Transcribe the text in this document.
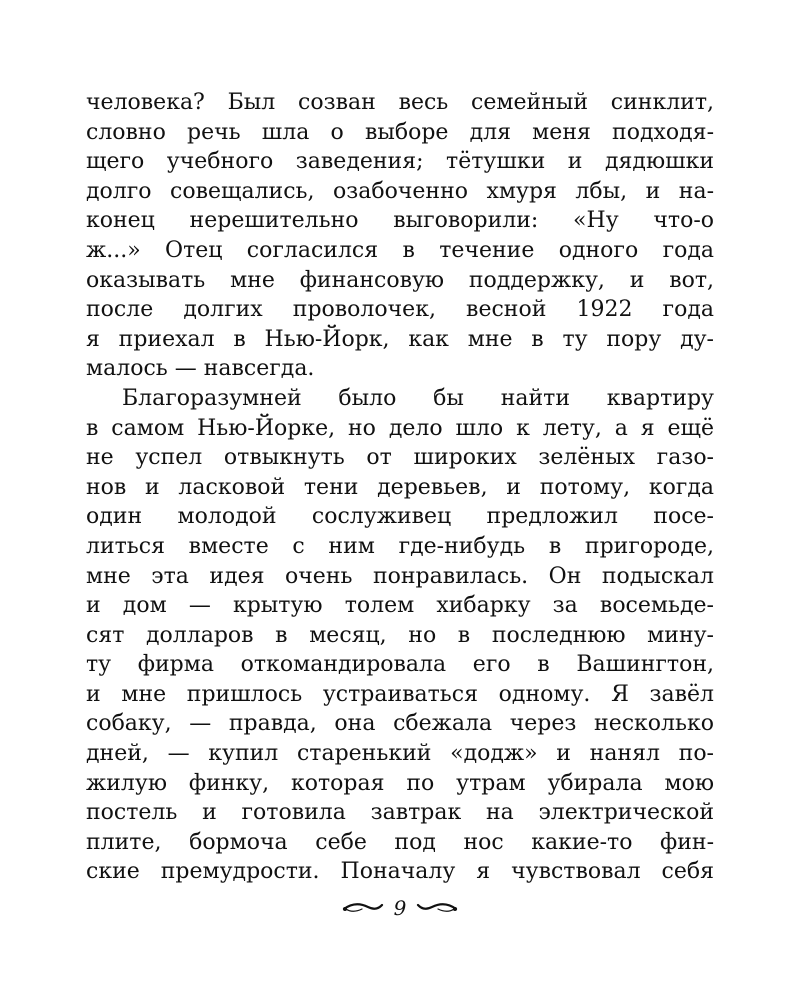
человека? Был созван весь семейный синклит,
словно речь шла о выборе для меня подходя-
щего учебного заведения; тётушки и дядюшки
долго совещались, озабоченно хмуря лбы, и на-
конец нерешительно выговорили: «Ну что-о
ж...» Отец согласился в течение одного года
оказывать мне финансовую поддержку, и вот,
после долгих проволочек, весной 1922 года
я приехал в Нью-Йорк, как мне в ту пору ду-
малось — навсегда.
Благоразумней было бы найти квартиру
в самом Нью-Йорке, но дело шло к лету, а я ещё
не успел отвыкнуть от широких зелёных газо-
нов и ласковой тени деревьев, и потому, когда
один молодой сослуживец предложил посе-
литься вместе с ним где-нибудь в пригороде,
мне эта идея очень понравилась. Он подыскал
и дом — крытую толем хибарку за восемьде-
сят долларов в месяц, но в последнюю мину-
ту фирма откомандировала его в Вашингтон,
и мне пришлось устраиваться одному. Я завёл
собаку, — правда, она сбежала через несколько
дней, — купил старенький «додж» и нанял по-
жилую финку, которая по утрам убирала мою
постель и готовила завтрак на электрической
плите, бормоча себе под нос какие-то фин-
ские премудрости. Поначалу я чувствовал себя
9
